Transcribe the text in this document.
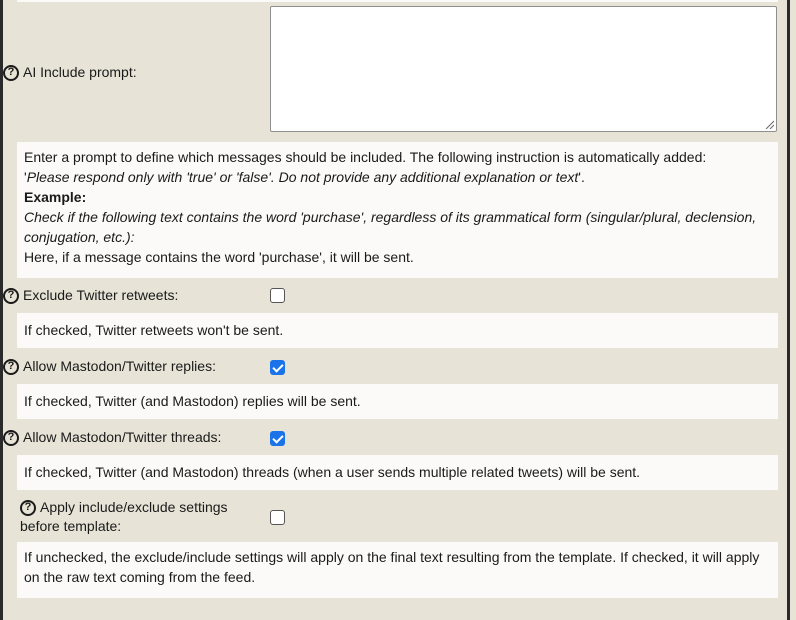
? AI Include prompt:
Enter a prompt to define which messages should be included. The following instruction is automatically added:
'Please respond only with 'true' or 'false'. Do not provide any additional explanation or text'.
Example:
Check if the following text contains the word 'purchase', regardless of its grammatical form (singular/plural, declension, conjugation, etc.):
Here, if a message contains the word 'purchase', it will be sent.
? Exclude Twitter retweets:
If checked, Twitter retweets won't be sent.
? Allow Mastodon/Twitter replies:
If checked, Twitter (and Mastodon) replies will be sent.
? Allow Mastodon/Twitter threads:
If checked, Twitter (and Mastodon) threads (when a user sends multiple related tweets) will be sent.
? Apply include/exclude settings
before template:
If unchecked, the exclude/include settings will apply on the final text resulting from the template. If checked, it will apply on the raw text coming from the feed.
